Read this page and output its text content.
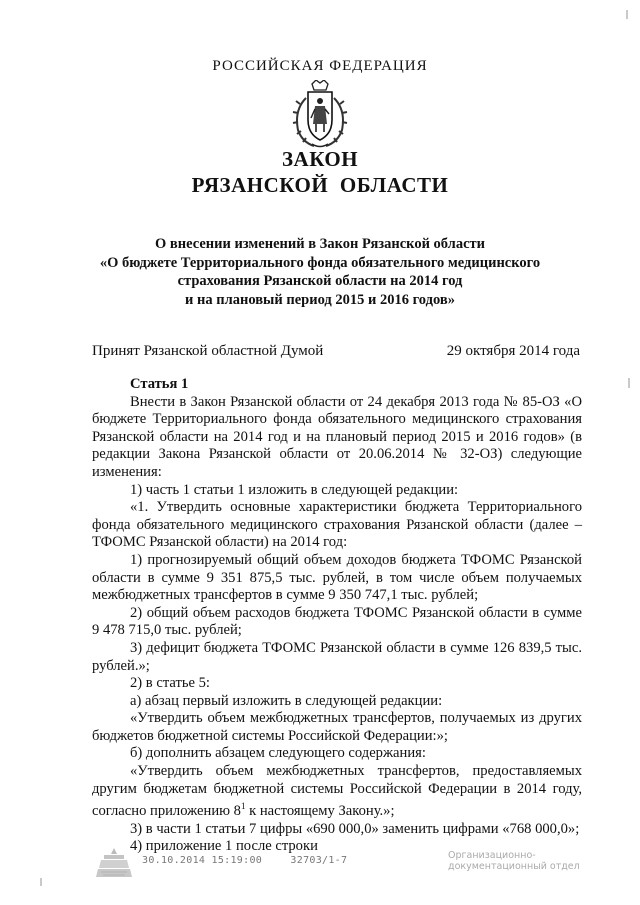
РОССИЙСКАЯ ФЕДЕРАЦИЯ
ЗАКОН
РЯЗАНСКОЙ ОБЛАСТИ
О внесении изменений в Закон Рязанской области
«О бюджете Территориального фонда обязательного медицинского
страхования Рязанской области на 2014 год
и на плановый период 2015 и 2016 годов»
Принят Рязанской областной Думой	29 октября 2014 года

Статья 1

Внести в Закон Рязанской области от 24 декабря 2013 года № 85-ОЗ «О бюджете Территориального фонда обязательного медицинского страхования Рязанской области на 2014 год и на плановый период 2015 и 2016 годов» (в редакции Закона Рязанской области от 20.06.2014 № 32-ОЗ) следующие изменения:

1) часть 1 статьи 1 изложить в следующей редакции:

«1. Утвердить основные характеристики бюджета Территориального фонда обязательного медицинского страхования Рязанской области (далее – ТФОМС Рязанской области) на 2014 год:

1) прогнозируемый общий объем доходов бюджета ТФОМС Рязанской области в сумме 9 351 875,5 тыс. рублей, в том числе объем получаемых межбюджетных трансфертов в сумме 9 350 747,1 тыс. рублей;

2) общий объем расходов бюджета ТФОМС Рязанской области в сумме 9 478 715,0 тыс. рублей;

3) дефицит бюджета ТФОМС Рязанской области в сумме 126 839,5 тыс. рублей.»;

2) в статье 5:

а) абзац первый изложить в следующей редакции:

«Утвердить объем межбюджетных трансфертов, получаемых из других бюджетов бюджетной системы Российской Федерации:»;

б) дополнить абзацем следующего содержания:

«Утвердить объем межбюджетных трансфертов, предоставляемых другим бюджетам бюджетной системы Российской Федерации в 2014 году, согласно приложению $8^1$ к настоящему Закону.»;

3) в части 1 статьи 7 цифры «690 000,0» заменить цифрами «768 000,0»;

4) приложение 1 после строки

30.10.2014 15:19:00	32703/1-7	Организационно-
документационный отдел
